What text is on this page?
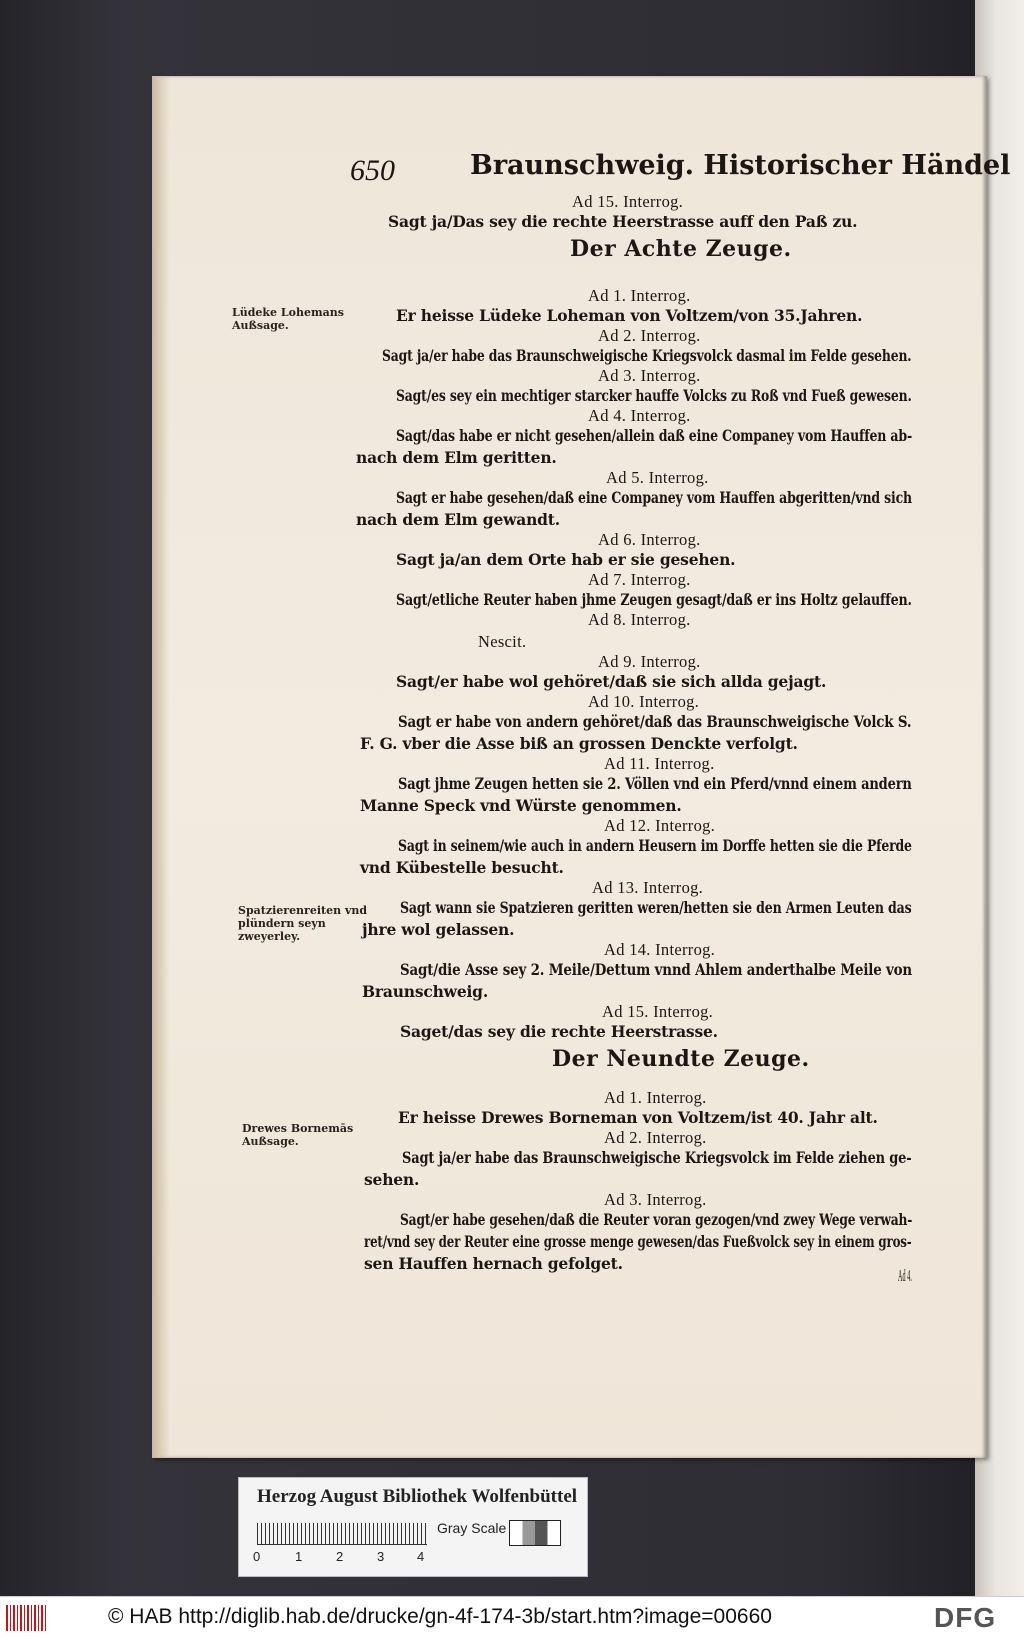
650	Braunschweig. Historischer Händel
Ad 15. Interrog.
Sagt ja/Das sey die rechte Heerstrasse auff den Paß zu.
Der Achte Zeuge.
Ad 1. Interrog.
Er heisse Lüdeke Loheman von Voltzem/von 35.Jahren.
Ad 2. Interrog.
Sagt ja/er habe das Braunschweigische Kriegsvolck dasmal im Felde gesehen.
Ad 3. Interrog.
Sagt/es sey ein mechtiger starcker hauffe Volcks zu Roß vnd Fueß gewesen.
Ad 4. Interrog.
Sagt/das habe er nicht gesehen/allein daß eine Companey vom Hauffen ab-
nach dem Elm geritten.
Ad 5. Interrog.
Sagt er habe gesehen/daß eine Companey vom Hauffen abgeritten/vnd sich
nach dem Elm gewandt.
Ad 6. Interrog.
Sagt ja/an dem Orte hab er sie gesehen.
Ad 7. Interrog.
Sagt/etliche Reuter haben jhme Zeugen gesagt/daß er ins Holtz gelauffen.
Ad 8. Interrog.
Nescit.
Ad 9. Interrog.
Sagt/er habe wol gehöret/daß sie sich allda gejagt.
Ad 10. Interrog.
Sagt er habe von andern gehöret/daß das Braunschweigische Volck S.
F. G. vber die Asse biß an grossen Denckte verfolgt.
Ad 11. Interrog.
Sagt jhme Zeugen hetten sie 2. Völlen vnd ein Pferd/vnnd einem andern
Manne Speck vnd Würste genommen.
Ad 12. Interrog.
Sagt in seinem/wie auch in andern Heusern im Dorffe hetten sie die Pferde
vnd Kübestelle besucht.
Ad 13. Interrog.
Sagt wann sie Spatzieren geritten weren/hetten sie den Armen Leuten das
jhre wol gelassen.
Ad 14. Interrog.
Sagt/die Asse sey 2. Meile/Dettum vnnd Ahlem anderthalbe Meile von
Braunschweig.
Ad 15. Interrog.
Saget/das sey die rechte Heerstrasse.
Der Neundte Zeuge.
Ad 1. Interrog.
Er heisse Drewes Borneman von Voltzem/ist 40. Jahr alt.
Ad 2. Interrog.
Sagt ja/er habe das Braunschweigische Kriegsvolck im Felde ziehen ge-
sehen.
Ad 3. Interrog.
Sagt/er habe gesehen/daß die Reuter voran gezogen/vnd zwey Wege verwah-
ret/vnd sey der Reuter eine grosse menge gewesen/das Fueßvolck sey in einem gros-
sen Hauffen hernach gefolget.
Ad 4.
Lüdeke Lohemans Außsage.
Spatzierenreiten vnd plündern seyn zweyerley.
Drewes Bornemās Außsage.
Herzog August Bibliothek Wolfenbüttel
0	1	2	3	4
Gray Scale
© HAB http://diglib.hab.de/drucke/gn-4f-174-3b/start.htm?image=00660	DFG
